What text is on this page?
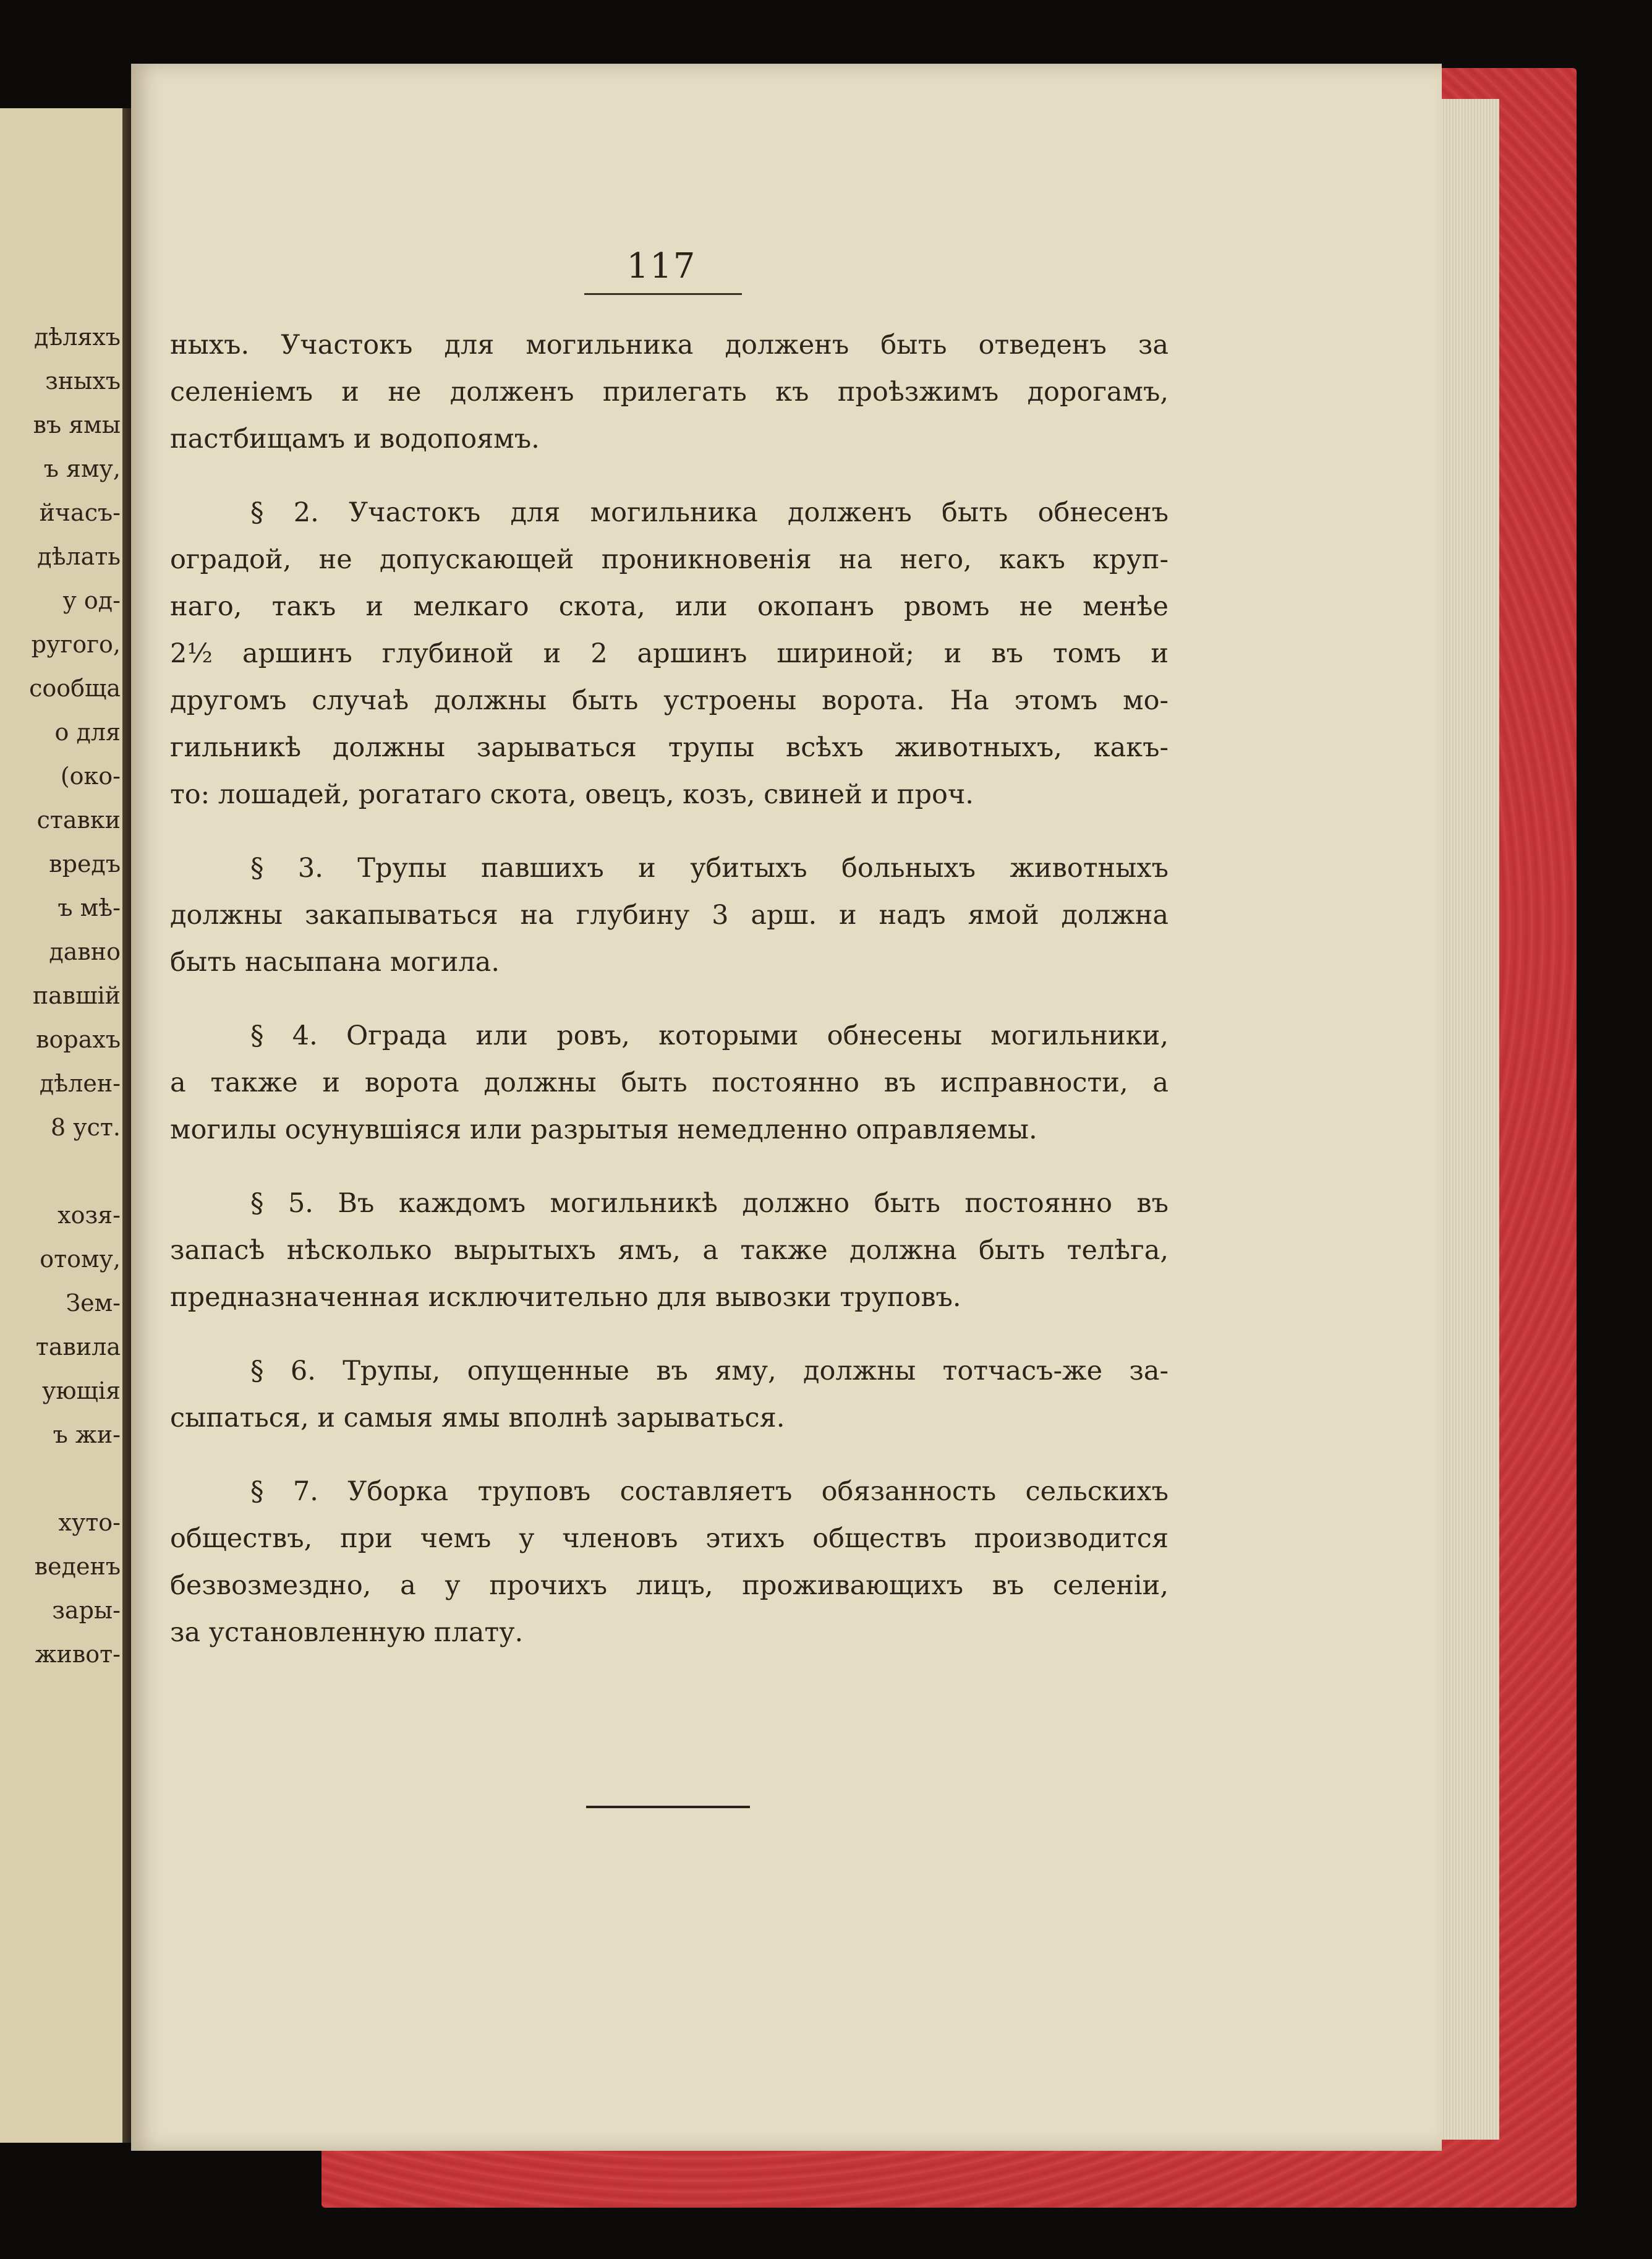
дѣляхъ
зныхъ
въ ямы
ъ яму,
йчасъ-
дѣлать
у од-
ругого,
сообща
о для
(око-
ставки
вредъ
ъ мѣ-
давно
павшій
ворахъ
дѣлен-
8 уст.
хозя-
отому,
Зем-
тавила
ующія
ъ жи-
хуто-
веденъ
зары-
живот-
117
ныхъ. Участокъ для могильника долженъ быть отведенъ за
селеніемъ и не долженъ прилегать къ проѣзжимъ дорогамъ,
пастбищамъ и водопоямъ.
§ 2. Участокъ для могильника долженъ быть обнесенъ
оградой, не допускающей проникновенія на него, какъ круп-
наго, такъ и мелкаго скота, или окопанъ рвомъ не менѣе
2½ аршинъ глубиной и 2 аршинъ шириной; и въ томъ и
другомъ случаѣ должны быть устроены ворота. На этомъ мо-
гильникѣ должны зарываться трупы всѣхъ животныхъ, какъ-
то: лошадей, рогатаго скота, овецъ, козъ, свиней и проч.
§ 3. Трупы павшихъ и убитыхъ больныхъ животныхъ
должны закапываться на глубину 3 арш. и надъ ямой должна
быть насыпана могила.
§ 4. Ограда или ровъ, которыми обнесены могильники,
а также и ворота должны быть постоянно въ исправности, а
могилы осунувшіяся или разрытыя немедленно оправляемы.
§ 5. Въ каждомъ могильникѣ должно быть постоянно въ
запасѣ нѣсколько вырытыхъ ямъ, а также должна быть телѣга,
предназначенная исключительно для вывозки труповъ.
§ 6. Трупы, опущенные въ яму, должны тотчасъ-же за-
сыпаться, и самыя ямы вполнѣ зарываться.
§ 7. Уборка труповъ составляетъ обязанность сельскихъ
обществъ, при чемъ у членовъ этихъ обществъ производится
безвозмездно, а у прочихъ лицъ, проживающихъ въ селеніи,
за установленную плату.
